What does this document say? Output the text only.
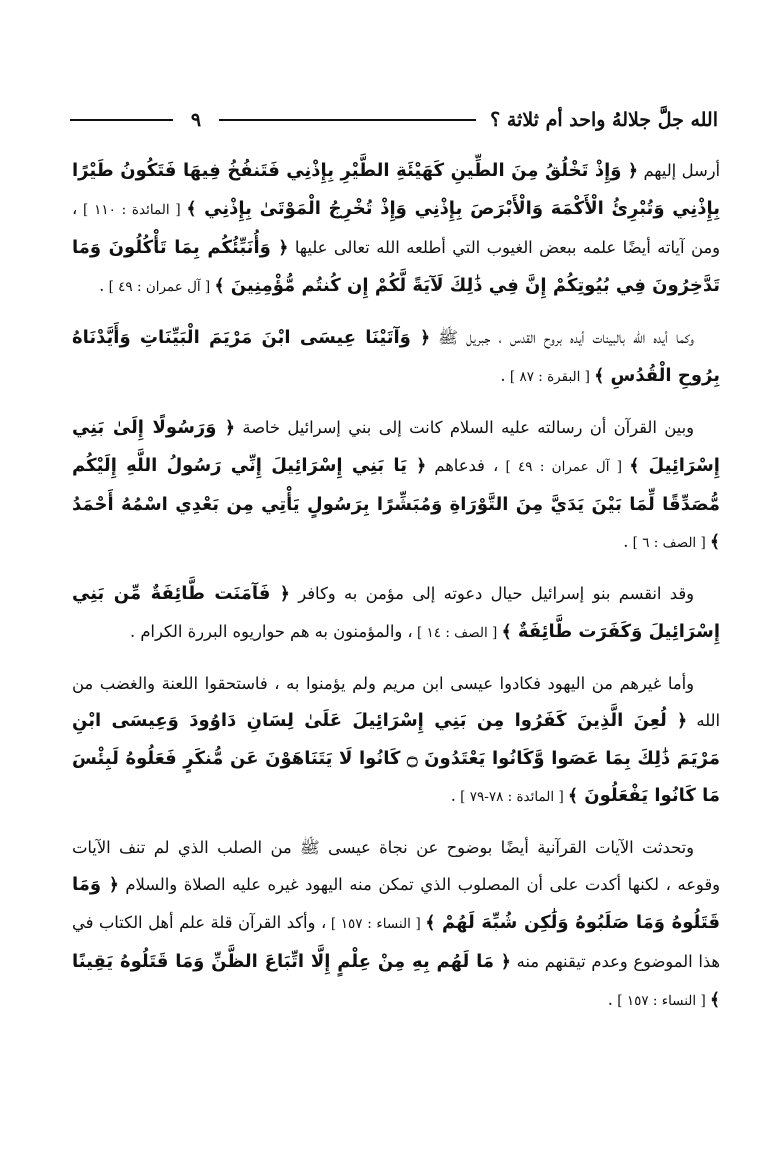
الله جلَّ جلالهُ واحد أم ثلاثة ؟
٩

أرسل إليهم ﴿ وَإِذْ تَخْلُقُ مِنَ الطِّينِ كَهَيْئَةِ الطَّيْرِ بِإِذْنِي فَتَنفُخُ فِيهَا فَتَكُونُ طَيْرًا بِإِذْنِي وَتُبْرِئُ الْأَكْمَهَ وَالْأَبْرَصَ بِإِذْنِي وَإِذْ تُخْرِجُ الْمَوْتَىٰ بِإِذْنِي ﴾ [ المائدة : ١١٠ ] ، ومن آياته أيضًا علمه ببعض الغيوب التي أطلعه الله تعالى عليها ﴿ وَأُنَبِّئُكُم بِمَا تَأْكُلُونَ وَمَا تَدَّخِرُونَ فِي بُيُوتِكُمْ إِنَّ فِي ذَٰلِكَ لَآيَةً لَّكُمْ إِن كُنتُم مُّؤْمِنِينَ ﴾ [ آل عمران : ٤٩ ] .

وكما أيده الله بالبينات أيده بروح القدس ، جبريل ﷺ ﴿ وَآتَيْنَا عِيسَى ابْنَ مَرْيَمَ الْبَيِّنَاتِ وَأَيَّدْنَاهُ بِرُوحِ الْقُدُسِ ﴾ [ البقرة : ٨٧ ] .

وبين القرآن أن رسالته عليه السلام كانت إلى بني إسرائيل خاصة ﴿ وَرَسُولًا إِلَىٰ بَنِي إِسْرَائِيلَ ﴾ [ آل عمران : ٤٩ ] ، فدعاهم ﴿ يَا بَنِي إِسْرَائِيلَ إِنِّي رَسُولُ اللَّهِ إِلَيْكُم مُّصَدِّقًا لِّمَا بَيْنَ يَدَيَّ مِنَ التَّوْرَاةِ وَمُبَشِّرًا بِرَسُولٍ يَأْتِي مِن بَعْدِي اسْمُهُ أَحْمَدُ ﴾ [ الصف : ٦ ] .

وقد انقسم بنو إسرائيل حيال دعوته إلى مؤمن به وكافر ﴿ فَآمَنَت طَّائِفَةٌ مِّن بَنِي إِسْرَائِيلَ وَكَفَرَت طَّائِفَةٌ ﴾ [ الصف : ١٤ ] ، والمؤمنون به هم حواريوه البررة الكرام .

وأما غيرهم من اليهود فكادوا عيسى ابن مريم ولم يؤمنوا به ، فاستحقوا اللعنة والغضب من الله ﴿ لُعِنَ الَّذِينَ كَفَرُوا مِن بَنِي إِسْرَائِيلَ عَلَىٰ لِسَانِ دَاوُودَ وَعِيسَى ابْنِ مَرْيَمَ ذَٰلِكَ بِمَا عَصَوا وَّكَانُوا يَعْتَدُونَ ۝ كَانُوا لَا يَتَنَاهَوْنَ عَن مُّنكَرٍ فَعَلُوهُ لَبِئْسَ مَا كَانُوا يَفْعَلُونَ ﴾ [ المائدة : ٧٨-٧٩ ] .

وتحدثت الآيات القرآنية أيضًا بوضوح عن نجاة عيسى ﷺ من الصلب الذي لم تنف الآيات وقوعه ، لكنها أكدت على أن المصلوب الذي تمكن منه اليهود غيره عليه الصلاة والسلام ﴿ وَمَا قَتَلُوهُ وَمَا صَلَبُوهُ وَلَٰكِن شُبِّهَ لَهُمْ ﴾ [ النساء : ١٥٧ ] ، وأكد القرآن قلة علم أهل الكتاب في هذا الموضوع وعدم تيقنهم منه ﴿ مَا لَهُم بِهِ مِنْ عِلْمٍ إِلَّا اتِّبَاعَ الظَّنِّ وَمَا قَتَلُوهُ يَقِينًا ﴾ [ النساء : ١٥٧ ] .
